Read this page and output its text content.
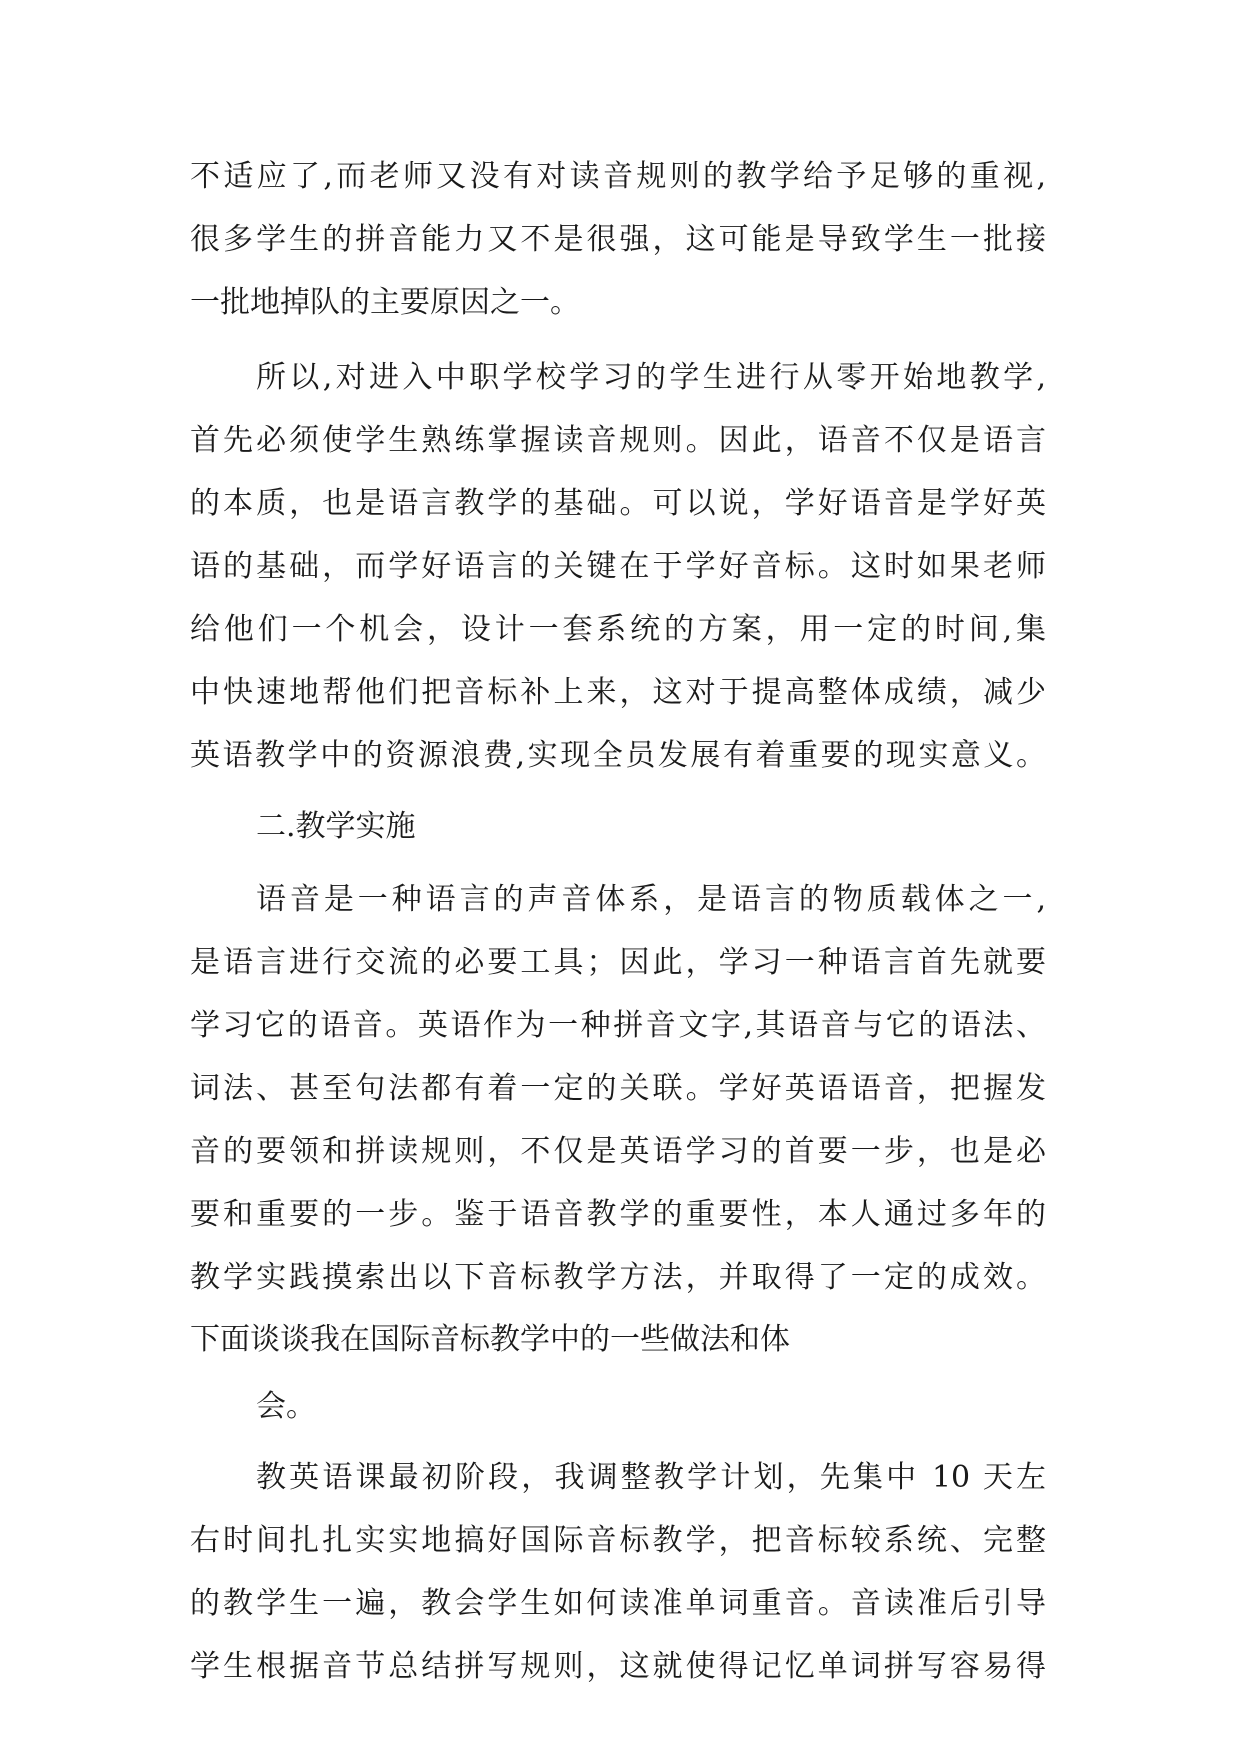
不适应了,而老师又没有对读音规则的教学给予足够的重视,

很多学生的拼音能力又不是很强，这可能是导致学生一批接

一批地掉队的主要原因之一。

所以,对进入中职学校学习的学生进行从零开始地教学,

首先必须使学生熟练掌握读音规则。因此，语音不仅是语言

的本质，也是语言教学的基础。可以说，学好语音是学好英

语的基础，而学好语言的关键在于学好音标。这时如果老师

给他们一个机会，设计一套系统的方案，用一定的时间,集

中快速地帮他们把音标补上来，这对于提高整体成绩，减少

英语教学中的资源浪费,实现全员发展有着重要的现实意义。

二.教学实施

语音是一种语言的声音体系，是语言的物质载体之一,

是语言进行交流的必要工具；因此，学习一种语言首先就要

学习它的语音。英语作为一种拼音文字,其语音与它的语法、

词法、甚至句法都有着一定的关联。学好英语语音，把握发

音的要领和拼读规则，不仅是英语学习的首要一步，也是必

要和重要的一步。鉴于语音教学的重要性，本人通过多年的

教学实践摸索出以下音标教学方法，并取得了一定的成效。

下面谈谈我在国际音标教学中的一些做法和体

会。

教英语课最初阶段，我调整教学计划，先集中 10 天左

右时间扎扎实实地搞好国际音标教学，把音标较系统、完整

的教学生一遍，教会学生如何读准单词重音。音读准后引导

学生根据音节总结拼写规则，这就使得记忆单词拼写容易得
